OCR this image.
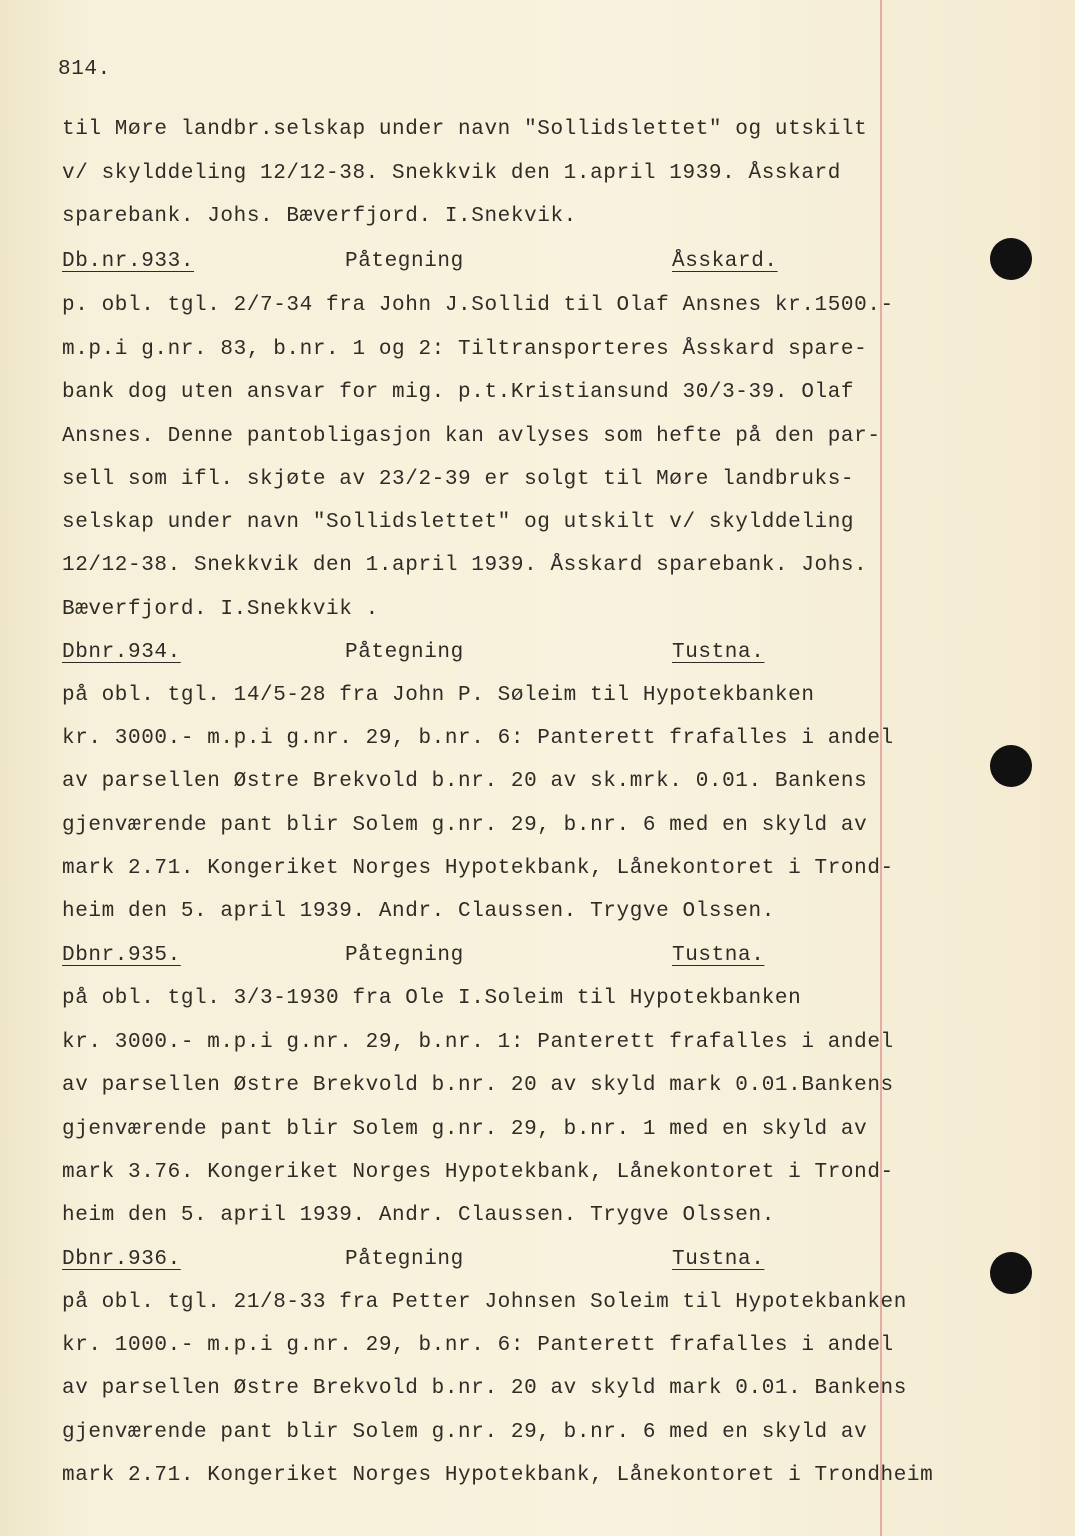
814.
til Møre landbr.selskap under navn "Sollidslettet" og utskilt
v/ skylddeling 12/12-38. Snekkvik den 1.april 1939. Åsskard
sparebank. Johs. Bæverfjord. I.Snekvik.
Db.nr.933.	Påtegning	Åsskard.
p. obl. tgl. 2/7-34 fra John J.Sollid til Olaf Ansnes kr.1500.-
m.p.i g.nr. 83, b.nr. 1 og 2: Tiltransporteres Åsskard spare-
bank dog uten ansvar for mig. p.t.Kristiansund 30/3-39. Olaf
Ansnes. Denne pantobligasjon kan avlyses som hefte på den par-
sell som ifl. skjøte av 23/2-39 er solgt til Møre landbruks-
selskap under navn "Sollidslettet" og utskilt v/ skylddeling
12/12-38. Snekkvik den 1.april 1939. Åsskard sparebank. Johs.
Bæverfjord. I.Snekkvik .
Dbnr.934.	Påtegning	Tustna.
på obl. tgl. 14/5-28 fra John P. Søleim til Hypotekbanken
kr. 3000.- m.p.i g.nr. 29, b.nr. 6: Panterett frafalles i andel
av parsellen Østre Brekvold b.nr. 20 av sk.mrk. 0.01. Bankens
gjenværende pant blir Solem g.nr. 29, b.nr. 6 med en skyld av
mark 2.71. Kongeriket Norges Hypotekbank, Lånekontoret i Trond-
heim den 5. april 1939. Andr. Claussen. Trygve Olssen.
Dbnr.935.	Påtegning	Tustna.
på obl. tgl. 3/3-1930 fra Ole I.Soleim til Hypotekbanken
kr. 3000.- m.p.i g.nr. 29, b.nr. 1: Panterett frafalles i andel
av parsellen Østre Brekvold b.nr. 20 av skyld mark 0.01.Bankens
gjenværende pant blir Solem g.nr. 29, b.nr. 1 med en skyld av
mark 3.76. Kongeriket Norges Hypotekbank, Lånekontoret i Trond-
heim den 5. april 1939. Andr. Claussen. Trygve Olssen.
Dbnr.936.	Påtegning	Tustna.
på obl. tgl. 21/8-33 fra Petter Johnsen Soleim til Hypotekbanken
kr. 1000.- m.p.i g.nr. 29, b.nr. 6: Panterett frafalles i andel
av parsellen Østre Brekvold b.nr. 20 av skyld mark 0.01. Bankens
gjenværende pant blir Solem g.nr. 29, b.nr. 6 med en skyld av
mark 2.71. Kongeriket Norges Hypotekbank, Lånekontoret i Trondheim
